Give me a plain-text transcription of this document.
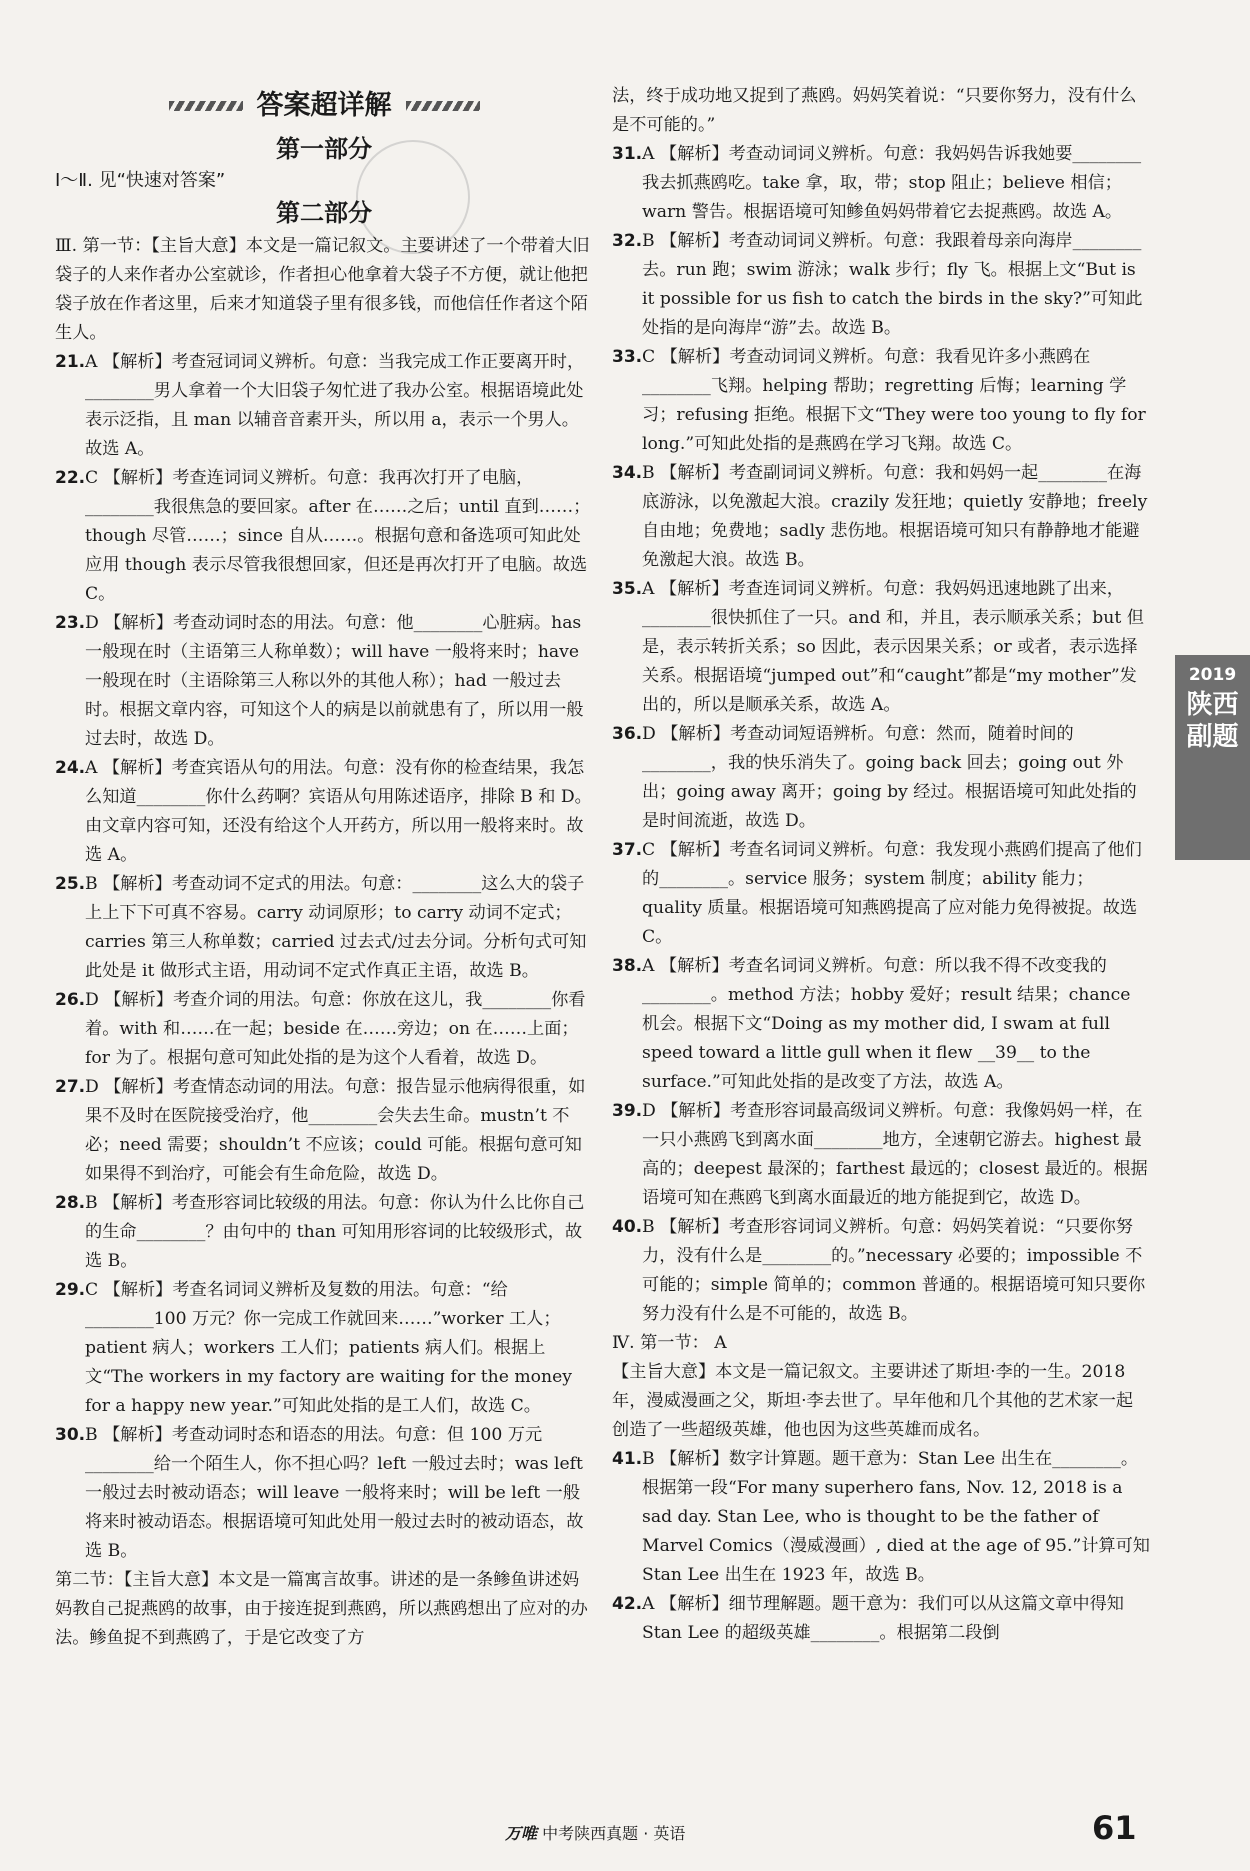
答案超详解
第一部分
Ⅰ～Ⅱ. 见“快速对答案”
第二部分

Ⅲ. 第一节：【主旨大意】本文是一篇记叙文。主要讲述了一个带着大旧袋子的人来作者办公室就诊，作者担心他拿着大袋子不方便，就让他把袋子放在作者这里，后来才知道袋子里有很多钱，而他信任作者这个陌生人。

21. A 【解析】考查冠词词义辨析。句意：当我完成工作正要离开时，________男人拿着一个大旧袋子匆忙进了我办公室。根据语境此处表示泛指，且 man 以辅音音素开头，所以用 a，表示一个男人。故选 A。

22. C 【解析】考查连词词义辨析。句意：我再次打开了电脑，________我很焦急的要回家。after 在……之后；until 直到……；though 尽管……；since 自从……。根据句意和备选项可知此处应用 though 表示尽管我很想回家，但还是再次打开了电脑。故选 C。

23. D 【解析】考查动词时态的用法。句意：他________心脏病。has 一般现在时（主语第三人称单数）；will have 一般将来时；have 一般现在时（主语除第三人称以外的其他人称）；had 一般过去时。根据文章内容，可知这个人的病是以前就患有了，所以用一般过去时，故选 D。

24. A 【解析】考查宾语从句的用法。句意：没有你的检查结果，我怎么知道________你什么药啊？宾语从句用陈述语序，排除 B 和 D。由文章内容可知，还没有给这个人开药方，所以用一般将来时。故选 A。

25. B 【解析】考查动词不定式的用法。句意：________这么大的袋子上上下下可真不容易。carry 动词原形；to carry 动词不定式；carries 第三人称单数；carried 过去式/过去分词。分析句式可知此处是 it 做形式主语，用动词不定式作真正主语，故选 B。

26. D 【解析】考查介词的用法。句意：你放在这儿，我________你看着。with 和……在一起；beside 在……旁边；on 在……上面；for 为了。根据句意可知此处指的是为这个人看着，故选 D。

27. D 【解析】考查情态动词的用法。句意：报告显示他病得很重，如果不及时在医院接受治疗，他________会失去生命。mustn’t 不必；need 需要；shouldn’t 不应该；could 可能。根据句意可知如果得不到治疗，可能会有生命危险，故选 D。

28. B 【解析】考查形容词比较级的用法。句意：你认为什么比你自己的生命________？由句中的 than 可知用形容词的比较级形式，故选 B。

29. C 【解析】考查名词词义辨析及复数的用法。句意：“给________100 万元？你一完成工作就回来……”worker 工人；patient 病人；workers 工人们；patients 病人们。根据上文“The workers in my factory are waiting for the money for a happy new year.”可知此处指的是工人们，故选 C。

30. B 【解析】考查动词时态和语态的用法。句意：但 100 万元________给一个陌生人，你不担心吗？left 一般过去时；was left 一般过去时被动语态；will leave 一般将来时；will be left 一般将来时被动语态。根据语境可知此处用一般过去时的被动语态，故选 B。

第二节：【主旨大意】本文是一篇寓言故事。讲述的是一条鲹鱼讲述妈妈教自己捉燕鸥的故事，由于接连捉到燕鸥，所以燕鸥想出了应对的办法。鲹鱼捉不到燕鸥了，于是它改变了方

法，终于成功地又捉到了燕鸥。妈妈笑着说：“只要你努力，没有什么是不可能的。”

31. A 【解析】考查动词词义辨析。句意：我妈妈告诉我她要________我去抓燕鸥吃。take 拿，取，带；stop 阻止；believe 相信；warn 警告。根据语境可知鲹鱼妈妈带着它去捉燕鸥。故选 A。

32. B 【解析】考查动词词义辨析。句意：我跟着母亲向海岸________去。run 跑；swim 游泳；walk 步行；fly 飞。根据上文“But is it possible for us fish to catch the birds in the sky?”可知此处指的是向海岸“游”去。故选 B。

33. C 【解析】考查动词词义辨析。句意：我看见许多小燕鸥在________飞翔。helping 帮助；regretting 后悔；learning 学习；refusing 拒绝。根据下文“They were too young to fly for long.”可知此处指的是燕鸥在学习飞翔。故选 C。

34. B 【解析】考查副词词义辨析。句意：我和妈妈一起________在海底游泳，以免激起大浪。crazily 发狂地；quietly 安静地；freely 自由地；免费地；sadly 悲伤地。根据语境可知只有静静地才能避免激起大浪。故选 B。

35. A 【解析】考查连词词义辨析。句意：我妈妈迅速地跳了出来，________很快抓住了一只。and 和，并且，表示顺承关系；but 但是，表示转折关系；so 因此，表示因果关系；or 或者，表示选择关系。根据语境“jumped out”和“caught”都是“my mother”发出的，所以是顺承关系，故选 A。

36. D 【解析】考查动词短语辨析。句意：然而，随着时间的________，我的快乐消失了。going back 回去；going out 外出；going away 离开；going by 经过。根据语境可知此处指的是时间流逝，故选 D。

37. C 【解析】考查名词词义辨析。句意：我发现小燕鸥们提高了他们的________。service 服务；system 制度；ability 能力；quality 质量。根据语境可知燕鸥提高了应对能力免得被捉。故选 C。

38. A 【解析】考查名词词义辨析。句意：所以我不得不改变我的________。method 方法；hobby 爱好；result 结果；chance 机会。根据下文“Doing as my mother did, I swam at full speed toward a little gull when it flew __39__ to the surface.”可知此处指的是改变了方法，故选 A。

39. D 【解析】考查形容词最高级词义辨析。句意：我像妈妈一样，在一只小燕鸥飞到离水面________地方，全速朝它游去。highest 最高的；deepest 最深的；farthest 最远的；closest 最近的。根据语境可知在燕鸥飞到离水面最近的地方能捉到它，故选 D。

40. B 【解析】考查形容词词义辨析。句意：妈妈笑着说：“只要你努力，没有什么是________的。”necessary 必要的；impossible 不可能的；simple 简单的；common 普通的。根据语境可知只要你努力没有什么是不可能的，故选 B。

Ⅳ. 第一节： A

【主旨大意】本文是一篇记叙文。主要讲述了斯坦·李的一生。2018 年，漫威漫画之父，斯坦·李去世了。早年他和几个其他的艺术家一起创造了一些超级英雄，他也因为这些英雄而成名。

41. B 【解析】数字计算题。题干意为：Stan Lee 出生在________。根据第一段“For many superhero fans, Nov. 12, 2018 is a sad day. Stan Lee, who is thought to be the father of Marvel Comics（漫威漫画）, died at the age of 95.”计算可知 Stan Lee 出生在 1923 年，故选 B。

42. A 【解析】细节理解题。题干意为：我们可以从这篇文章中得知 Stan Lee 的超级英雄________。根据第二段倒

2019
陕西副题
万唯 中考陕西真题 · 英语	61
